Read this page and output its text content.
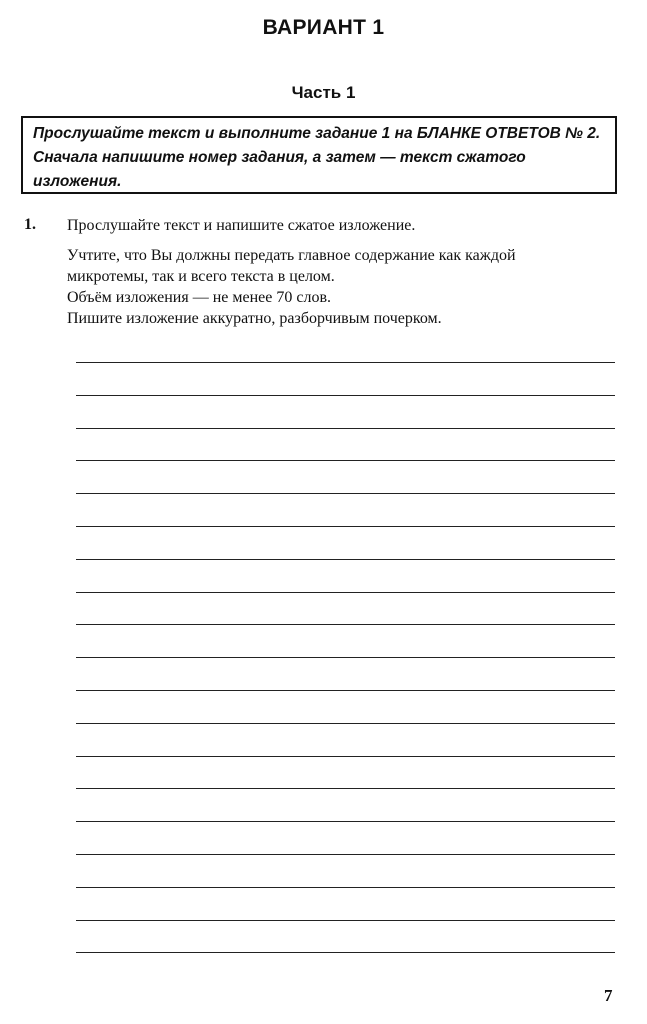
ВАРИАНТ 1
Часть 1
Прослушайте текст и выполните задание 1 на БЛАНКЕ ОТВЕТОВ № 2. Сначала напишите номер задания, а затем — текст сжатого изложения.
1. Прослушайте текст и напишите сжатое изложение.

Учтите, что Вы должны передать главное содержание как каждой
микротемы, так и всего текста в целом.
Объём изложения — не менее 70 слов.
Пишите изложение аккуратно, разборчивым почерком.
7
